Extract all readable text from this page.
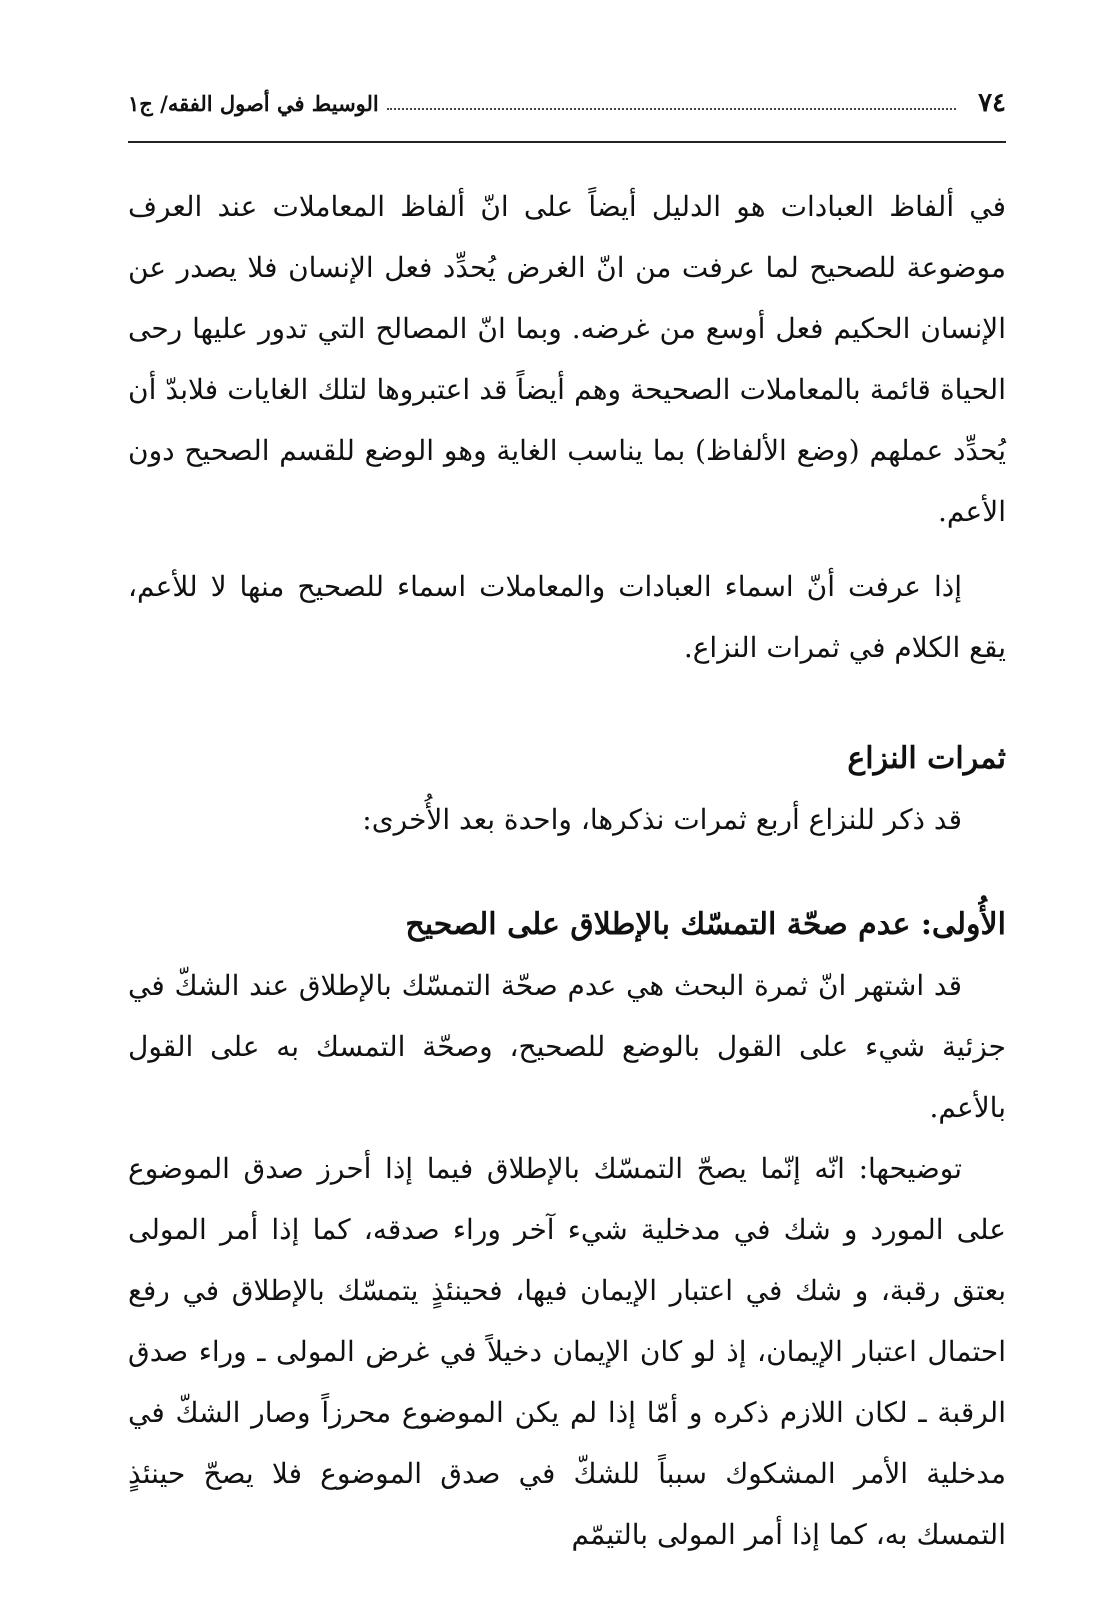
٧٤
الوسيط في أصول الفقه/ ج١

في ألفاظ العبادات هو الدليل أيضاً على انّ ألفاظ المعاملات عند العرف موضوعة للصحيح لما عرفت من انّ الغرض يُحدِّد فعل الإنسان فلا يصدر عن الإنسان الحكيم فعل أوسع من غرضه. وبما انّ المصالح التي تدور عليها رحى الحياة قائمة بالمعاملات الصحيحة وهم أيضاً قد اعتبروها لتلك الغايات فلابدّ أن يُحدِّد عملهم (وضع الألفاظ) بما يناسب الغاية وهو الوضع للقسم الصحيح دون الأعم.

إذا عرفت أنّ اسماء العبادات والمعاملات اسماء للصحيح منها لا للأعم، يقع الكلام في ثمرات النزاع.

ثمرات النزاع

قد ذكر للنزاع أربع ثمرات نذكرها، واحدة بعد الأُخرى:

الأُولى: عدم صحّة التمسّك بالإطلاق على الصحيح

قد اشتهر انّ ثمرة البحث هي عدم صحّة التمسّك بالإطلاق عند الشكّ في جزئية شيء على القول بالوضع للصحيح، وصحّة التمسك به على القول بالأعم.

توضيحها: انّه إنّما يصحّ التمسّك بالإطلاق فيما إذا أحرز صدق الموضوع على المورد و شك في مدخلية شيء آخر وراء صدقه، كما إذا أمر المولى بعتق رقبة، و شك في اعتبار الإيمان فيها، فحينئذٍ يتمسّك بالإطلاق في رفع احتمال اعتبار الإيمان، إذ لو كان الإيمان دخيلاً في غرض المولى ـ وراء صدق الرقبة ـ لكان اللازم ذكره و أمّا إذا لم يكن الموضوع محرزاً وصار الشكّ في مدخلية الأمر المشكوك سبباً للشكّ في صدق الموضوع فلا يصحّ حينئذٍ التمسك به، كما إذا أمر المولى بالتيمّم
